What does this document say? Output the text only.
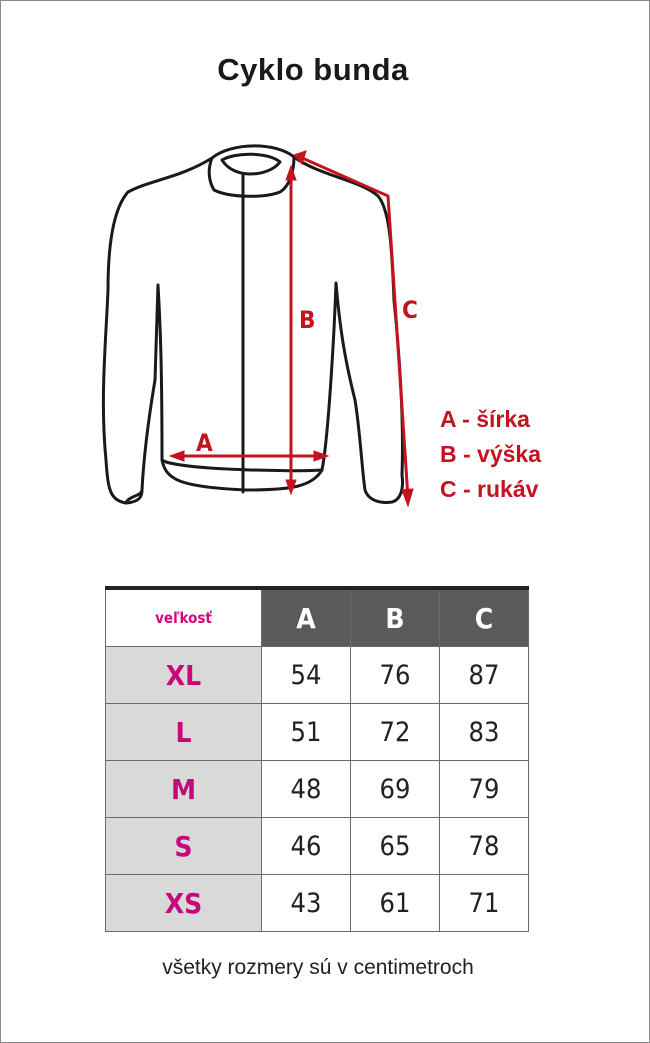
Cyklo bunda
B
A
C
A - šírka
B - výška
C - rukáv
veľkosť	A	B	C
XL	54	76	87
L	51	72	83
M	48	69	79
S	46	65	78
XS	43	61	71
všetky rozmery sú v centimetroch
